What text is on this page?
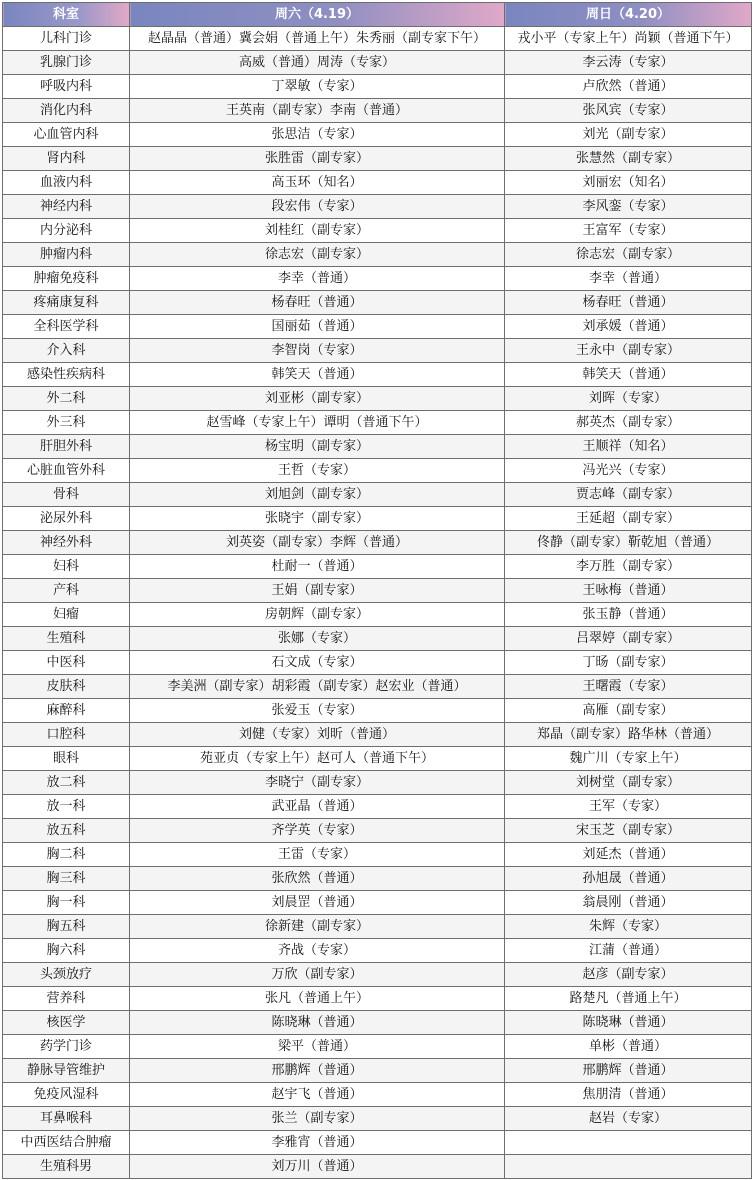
科室	周六（4.19）	周日（4.20）
儿科门诊	赵晶晶（普通）冀会娟（普通上午）朱秀丽（副专家下午）	戎小平（专家上午）尚颖（普通下午）
乳腺门诊	高威（普通）周涛（专家）	李云涛（专家）
呼吸内科	丁翠敏（专家）	卢欣然（普通）
消化内科	王英南（副专家）李南（普通）	张风宾（专家）
心血管内科	张思洁（专家）	刘光（副专家）
肾内科	张胜雷（副专家）	张慧然（副专家）
血液内科	高玉环（知名）	刘丽宏（知名）
神经内科	段宏伟（专家）	李风銮（专家）
内分泌科	刘桂红（副专家）	王富军（专家）
肿瘤内科	徐志宏（副专家）	徐志宏（副专家）
肿瘤免疫科	李幸（普通）	李幸（普通）
疼痛康复科	杨春旺（普通）	杨春旺（普通）
全科医学科	国丽茹（普通）	刘承媛（普通）
介入科	李智岗（专家）	王永中（副专家）
感染性疾病科	韩笑天（普通）	韩笑天（普通）
外二科	刘亚彬（副专家）	刘晖（专家）
外三科	赵雪峰（专家上午）谭明（普通下午）	郝英杰（副专家）
肝胆外科	杨宝明（副专家）	王顺祥（知名）
心脏血管外科	王哲（专家）	冯光兴（专家）
骨科	刘旭剑（副专家）	贾志峰（副专家）
泌尿外科	张晓宇（副专家）	王延超（副专家）
神经外科	刘英姿（副专家）李辉（普通）	佟静（副专家）靳乾旭（普通）
妇科	杜耐一（普通）	李万胜（副专家）
产科	王娟（副专家）	王咏梅（普通）
妇瘤	房朝辉（副专家）	张玉静（普通）
生殖科	张娜（专家）	吕翠婷（副专家）
中医科	石文成（专家）	丁旸（副专家）
皮肤科	李美洲（副专家）胡彩霞（副专家）赵宏业（普通）	王曙霞（专家）
麻醉科	张爱玉（专家）	高雁（副专家）
口腔科	刘健（专家）刘昕（普通）	郑晶（副专家）路华林（普通）
眼科	苑亚贞（专家上午）赵可人（普通下午）	魏广川（专家上午）
放二科	李晓宁（副专家）	刘树堂（副专家）
放一科	武亚晶（普通）	王军（专家）
放五科	齐学英（专家）	宋玉芝（副专家）
胸二科	王雷（专家）	刘延杰（普通）
胸三科	张欣然（普通）	孙旭晟（普通）
胸一科	刘晨罡（普通）	翁晨刚（普通）
胸五科	徐新建（副专家）	朱辉（专家）
胸六科	齐战（专家）	江蒲（普通）
头颈放疗	万欣（副专家）	赵彦（副专家）
营养科	张凡（普通上午）	路楚凡（普通上午）
核医学	陈晓琳（普通）	陈晓琳（普通）
药学门诊	梁平（普通）	单彬（普通）
静脉导管维护	邢鹏辉（普通）	邢鹏辉（普通）
免疫风湿科	赵宇飞（普通）	焦朋清（普通）
耳鼻喉科	张兰（副专家）	赵岩（专家）
中西医结合肿瘤	李雅宵（普通）	
生殖科男	刘万川（普通）	
